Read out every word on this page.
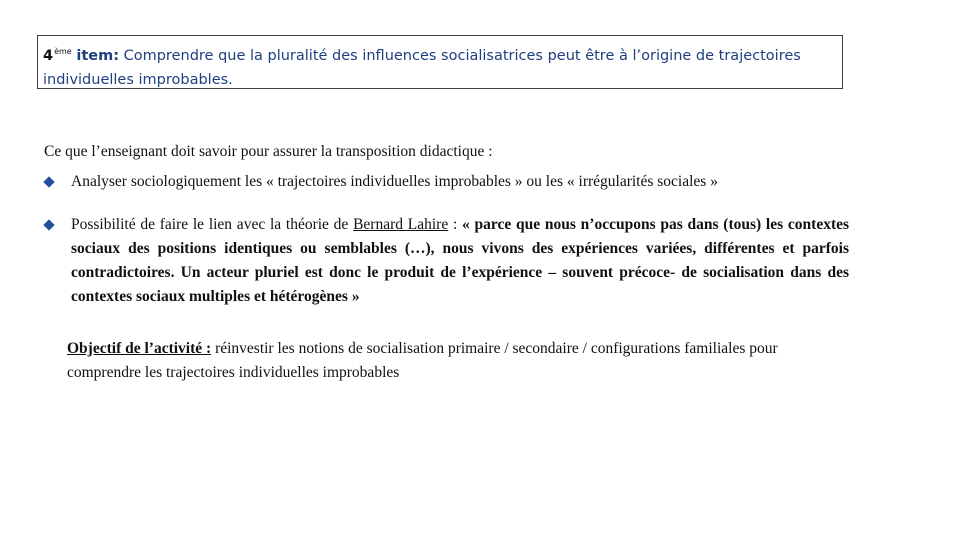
4ème item: Comprendre que la pluralité des influences socialisatrices peut être à l’origine de trajectoires individuelles improbables.
Ce que l’enseignant doit savoir pour assurer la transposition didactique :
Analyser sociologiquement les « trajectoires individuelles improbables » ou les « irrégularités sociales »
Possibilité de faire le lien avec la théorie de Bernard Lahire : « parce que nous n’occupons pas dans (tous) les contextes sociaux des positions identiques ou semblables (…), nous vivons des expériences variées, différentes et parfois contradictoires. Un acteur pluriel est donc le produit de l’expérience – souvent précoce- de socialisation dans des contextes sociaux multiples et hétérogènes »
Objectif de l’activité : réinvestir les notions de socialisation primaire / secondaire / configurations familiales pour comprendre les trajectoires individuelles improbables
